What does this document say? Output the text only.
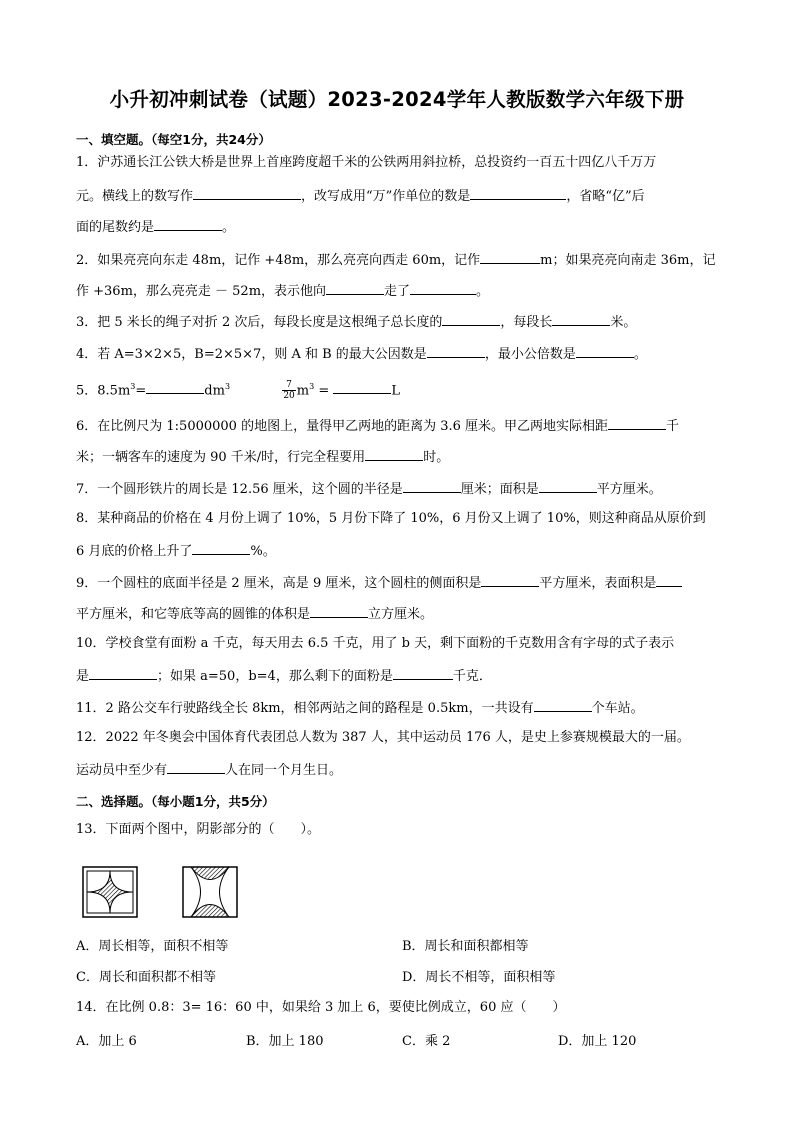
小升初冲刺试卷（试题）2023-2024学年人教版数学六年级下册
一、填空题。（每空1分，共24分）
1．沪苏通长江公铁大桥是世界上首座跨度超千米的公铁两用斜拉桥，总投资约一百五十四亿八千万万
元。横线上的数写作	，改写成用“万”作单位的数是	，省略“亿”后
面的尾数约是	。
2．如果亮亮向东走 48m，记作 +48m，那么亮亮向西走 60m，记作	m；如果亮亮向南走 36m，记
作 +36m，那么亮亮走 － 52m，表示他向	走了	。
3．把 5 米长的绳子对折 2 次后，每段长度是这根绳子总长度的	，每段长	米。
4．若 A=3×2×5，B=2×5×7，则 A 和 B 的最大公因数是	，最小公倍数是	。
5．$8.5m^3=$	$dm^3$	$\frac{7}{20} m^3$ =	L
6．在比例尺为 1:5000000 的地图上，量得甲乙两地的距离为 3.6 厘米。甲乙两地实际相距	千
米；一辆客车的速度为 90 千米/时，行完全程要用	时。
7．一个圆形铁片的周长是 12.56 厘米，这个圆的半径是	厘米；面积是	平方厘米。
8．某种商品的价格在 4 月份上调了 10%，5 月份下降了 10%，6 月份又上调了 10%，则这种商品从原价到
6 月底的价格上升了	%。
9．一个圆柱的底面半径是 2 厘米，高是 9 厘米，这个圆柱的侧面积是	平方厘米，表面积是
平方厘米，和它等底等高的圆锥的体积是	立方厘米。
10．学校食堂有面粉 a 千克，每天用去 6.5 千克，用了 b 天，剩下面粉的千克数用含有字母的式子表示
是	；如果 a=50，b=4，那么剩下的面粉是	千克．
11．2 路公交车行驶路线全长 8km，相邻两站之间的路程是 0.5km，一共设有	个车站。
12．2022 年冬奥会中国体育代表团总人数为 387 人，其中运动员 176 人，是史上参赛规模最大的一届。
运动员中至少有	人在同一个月生日。
二、选择题。（每小题1分，共5分）
13．下面两个图中，阴影部分的（　　）。
A．周长相等，面积不相等	B．周长和面积都相等
C．周长和面积都不相等	D．周长不相等，面积相等
14．在比例 0.8：3= 16：60 中，如果给 3 加上 6，要使比例成立，60 应（　　）
A．加上 6	B．加上 180	C．乘 2	D．加上 120
